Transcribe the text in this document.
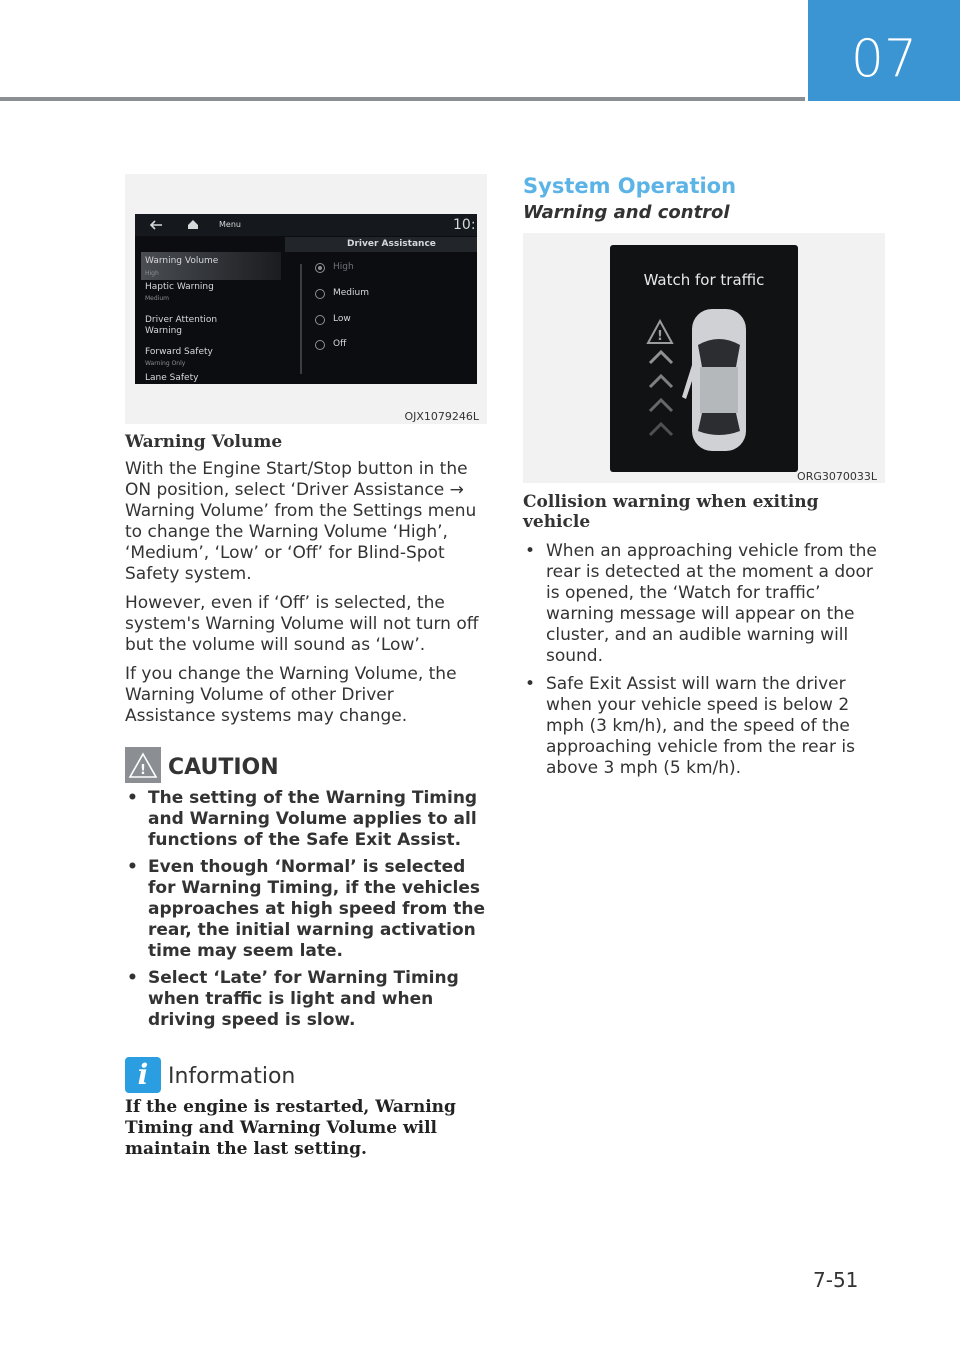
07
Menu	10:
Driver Assistance
Warning Volume
High
Haptic Warning
Medium
Driver Attention
Warning
Forward Safety
Warning Only
Lane Safety
High
Medium
Low
Off
OJX1079246L
Warning Volume

With the Engine Start/Stop button in the ON position, select ‘Driver Assistance → Warning Volume’ from the Settings menu to change the Warning Volume ‘High’, ‘Medium’, ‘Low’ or ‘Off’ for Blind-Spot Safety system.

However, even if ‘Off’ is selected, the system's Warning Volume will not turn off but the volume will sound as ‘Low’.

If you change the Warning Volume, the Warning Volume of other Driver Assistance systems may change.

! CAUTION
• The setting of the Warning Timing and Warning Volume applies to all functions of the Safe Exit Assist.
• Even though ‘Normal’ is selected for Warning Timing, if the vehicles approaches at high speed from the rear, the initial warning activation time may seem late.
• Select ‘Late’ for Warning Timing when traffic is light and when driving speed is slow.
i Information

If the engine is restarted, Warning Timing and Warning Volume will maintain the last setting.

System Operation
Warning and control
Watch for traffic
!
ORG3070033L
Collision warning when exiting vehicle
• When an approaching vehicle from the rear is detected at the moment a door is opened, the ‘Watch for traffic’ warning message will appear on the cluster, and an audible warning will sound.
• Safe Exit Assist will warn the driver when your vehicle speed is below 2 mph (3 km/h), and the speed of the approaching vehicle from the rear is above 3 mph (5 km/h).
7-51
